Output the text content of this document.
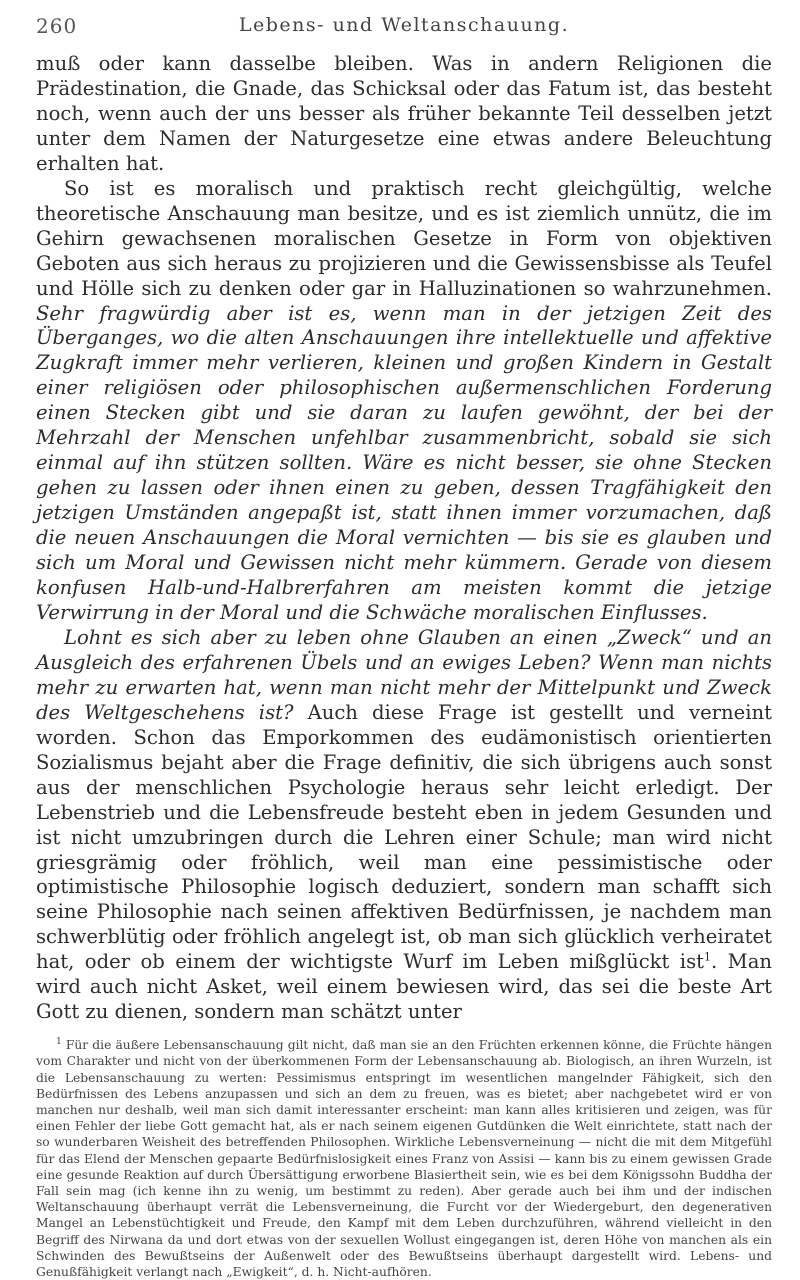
260	Lebens- und Weltanschauung.

muß oder kann dasselbe bleiben. Was in andern Religionen die Prädestination, die Gnade, das Schicksal oder das Fatum ist, das besteht noch, wenn auch der uns besser als früher bekannte Teil desselben jetzt unter dem Namen der Naturgesetze eine etwas andere Beleuchtung erhalten hat.

So ist es moralisch und praktisch recht gleichgültig, welche theoretische Anschauung man besitze, und es ist ziemlich unnütz, die im Gehirn gewachsenen moralischen Gesetze in Form von objektiven Geboten aus sich heraus zu projizieren und die Gewissensbisse als Teufel und Hölle sich zu denken oder gar in Halluzinationen so wahrzunehmen. Sehr fragwürdig aber ist es, wenn man in der jetzigen Zeit des Überganges, wo die alten Anschauungen ihre intellektuelle und affektive Zugkraft immer mehr verlieren, kleinen und großen Kindern in Gestalt einer religiösen oder philosophischen außermenschlichen Forderung einen Stecken gibt und sie daran zu laufen gewöhnt, der bei der Mehrzahl der Menschen unfehlbar zusammenbricht, sobald sie sich einmal auf ihn stützen sollten. Wäre es nicht besser, sie ohne Stecken gehen zu lassen oder ihnen einen zu geben, dessen Tragfähigkeit den jetzigen Umständen angepaßt ist, statt ihnen immer vorzumachen, daß die neuen Anschauungen die Moral vernichten — bis sie es glauben und sich um Moral und Gewissen nicht mehr kümmern. Gerade von diesem konfusen Halb-und-Halbrerfahren am meisten kommt die jetzige Verwirrung in der Moral und die Schwäche moralischen Einflusses.

Lohnt es sich aber zu leben ohne Glauben an einen „Zweck“ und an Ausgleich des erfahrenen Übels und an ewiges Leben? Wenn man nichts mehr zu erwarten hat, wenn man nicht mehr der Mittelpunkt und Zweck des Weltgeschehens ist? Auch diese Frage ist gestellt und verneint worden. Schon das Emporkommen des eudämonistisch orientierten Sozialismus bejaht aber die Frage definitiv, die sich übrigens auch sonst aus der menschlichen Psychologie heraus sehr leicht erledigt. Der Lebenstrieb und die Lebensfreude besteht eben in jedem Gesunden und ist nicht umzubringen durch die Lehren einer Schule; man wird nicht griesgrämig oder fröhlich, weil man eine pessimistische oder optimistische Philosophie logisch deduziert, sondern man schafft sich seine Philosophie nach seinen affektiven Bedürfnissen, je nachdem man schwerblütig oder fröhlich angelegt ist, ob man sich glücklich verheiratet hat, oder ob einem der wichtigste Wurf im Leben mißglückt ist$^1$. Man wird auch nicht Asket, weil einem bewiesen wird, das sei die beste Art Gott zu dienen, sondern man schätzt unter

$^1$ Für die äußere Lebensanschauung gilt nicht, daß man sie an den Früchten erkennen könne, die Früchte hängen vom Charakter und nicht von der überkommenen Form der Lebensanschauung ab. Biologisch, an ihren Wurzeln, ist die Lebensanschauung zu werten: Pessimismus entspringt im wesentlichen mangelnder Fähigkeit, sich den Bedürfnissen des Lebens anzupassen und sich an dem zu freuen, was es bietet; aber nachgebetet wird er von manchen nur deshalb, weil man sich damit interessanter erscheint: man kann alles kritisieren und zeigen, was für einen Fehler der liebe Gott gemacht hat, als er nach seinem eigenen Gutdünken die Welt einrichtete, statt nach der so wunderbaren Weisheit des betreffenden Philosophen. Wirkliche Lebensverneinung — nicht die mit dem Mitgefühl für das Elend der Menschen gepaarte Bedürfnislosigkeit eines Franz von Assisi — kann bis zu einem gewissen Grade eine gesunde Reaktion auf durch Übersättigung erworbene Blasiertheit sein, wie es bei dem Königssohn Buddha der Fall sein mag (ich kenne ihn zu wenig, um bestimmt zu reden). Aber gerade auch bei ihm und der indischen Weltanschauung überhaupt verrät die Lebensverneinung, die Furcht vor der Wiedergeburt, den degenerativen Mangel an Lebenstüchtigkeit und Freude, den Kampf mit dem Leben durchzuführen, während vielleicht in den Begriff des Nirwana da und dort etwas von der sexuellen Wollust eingegangen ist, deren Höhe von manchen als ein Schwinden des Bewußtseins der Außenwelt oder des Bewußtseins überhaupt dargestellt wird. Lebens- und Genußfähigkeit verlangt nach „Ewigkeit“, d. h. Nicht-aufhören.
